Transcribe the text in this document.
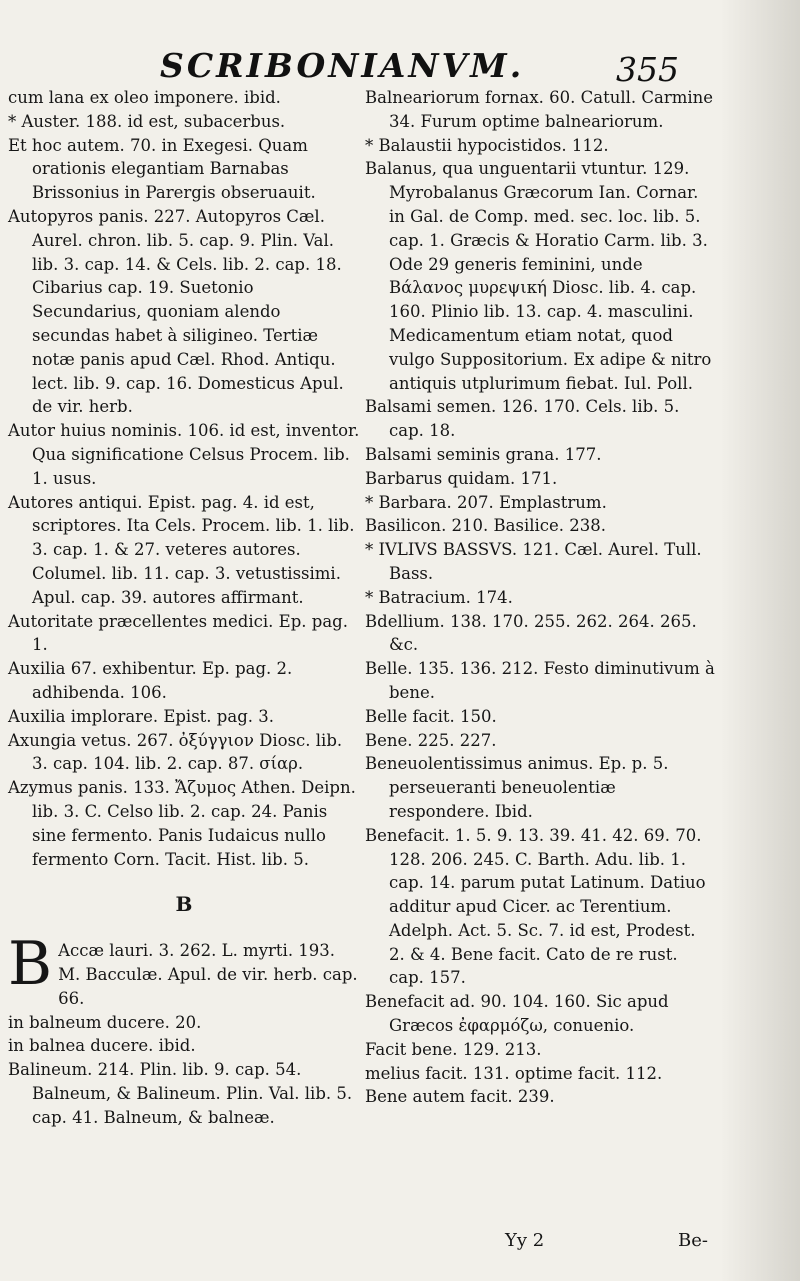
SCRIBONIANVM.	355

cum lana ex oleo imponere. ibid.

* Auster. 188. id est, subacerbus.

Et hoc autem. 70. in Exegesi. Quam orationis elegantiam Barnabas Brissonius in Parergis obseruauit.

Autopyros panis. 227. Autopyros Cæl. Aurel. chron. lib. 5. cap. 9. Plin. Val. lib. 3. cap. 14. & Cels. lib. 2. cap. 18. Cibarius cap. 19. Suetonio Secundarius, quoniam alendo secundas habet à siligineo. Tertiæ notæ panis apud Cæl. Rhod. Antiqu. lect. lib. 9. cap. 16. Domesticus Apul. de vir. herb.

Autor huius nominis. 106. id est, inventor. Qua significatione Celsus Procem. lib. 1. usus.

Autores antiqui. Epist. pag. 4. id est, scriptores. Ita Cels. Procem. lib. 1. lib. 3. cap. 1. & 27. veteres autores. Columel. lib. 11. cap. 3. vetustissimi. Apul. cap. 39. autores affirmant.

Autoritate præcellentes medici. Ep. pag. 1.

Auxilia 67. exhibentur. Ep. pag. 2. adhibenda. 106.

Auxilia implorare. Epist. pag. 3.

Axungia vetus. 267. ὀξύγγιον Diosc. lib. 3. cap. 104. lib. 2. cap. 87. σίαρ.

Azymus panis. 133. Ἄζυμος Athen. Deipn. lib. 3. C. Celso lib. 2. cap. 24. Panis sine fermento. Panis Iudaicus nullo fermento Corn. Tacit. Hist. lib. 5.

B

B Accæ lauri. 3. 262. L. myrti. 193. M. Bacculæ. Apul. de vir. herb. cap. 66.

in balneum ducere. 20.

in balnea ducere. ibid.

Balineum. 214. Plin. lib. 9. cap. 54. Balneum, & Balineum. Plin. Val. lib. 5. cap. 41. Balneum, & balneæ.

Balneariorum fornax. 60. Catull. Carmine 34. Furum optime balneariorum.

* Balaustii hypocistidos. 112.

Balanus, qua unguentarii vtuntur. 129. Myrobalanus Græcorum Ian. Cornar. in Gal. de Comp. med. sec. loc. lib. 5. cap. 1. Græcis & Horatio Carm. lib. 3. Ode 29 generis feminini, unde Βάλανος μυρεψική Diosc. lib. 4. cap. 160. Plinio lib. 13. cap. 4. masculini. Medicamentum etiam notat, quod vulgo Suppositorium. Ex adipe & nitro antiquis utplurimum fiebat. Iul. Poll.

Balsami semen. 126. 170. Cels. lib. 5. cap. 18.

Balsami seminis grana. 177.

Barbarus quidam. 171.

* Barbara. 207. Emplastrum.

Basilicon. 210. Basilice. 238.

* IVLIVS BASSVS. 121. Cæl. Aurel. Tull. Bass.

* Batracium. 174.

Bdellium. 138. 170. 255. 262. 264. 265. &c.

Belle. 135. 136. 212. Festo diminutivum à bene.

Belle facit. 150.

Bene. 225. 227.

Beneuolentissimus animus. Ep. p. 5. perseueranti beneuolentiæ respondere. Ibid.

Benefacit. 1. 5. 9. 13. 39. 41. 42. 69. 70. 128. 206. 245. C. Barth. Adu. lib. 1. cap. 14. parum putat Latinum. Datiuo additur apud Cicer. ac Terentium. Adelph. Act. 5. Sc. 7. id est, Prodest. 2. & 4. Bene facit. Cato de re rust. cap. 157.

Benefacit ad. 90. 104. 160. Sic apud Græcos ἐφαρμόζω, conuenio.

Facit bene. 129. 213.

melius facit. 131. optime facit. 112.

Bene autem facit. 239.

Yy 2	Be-
